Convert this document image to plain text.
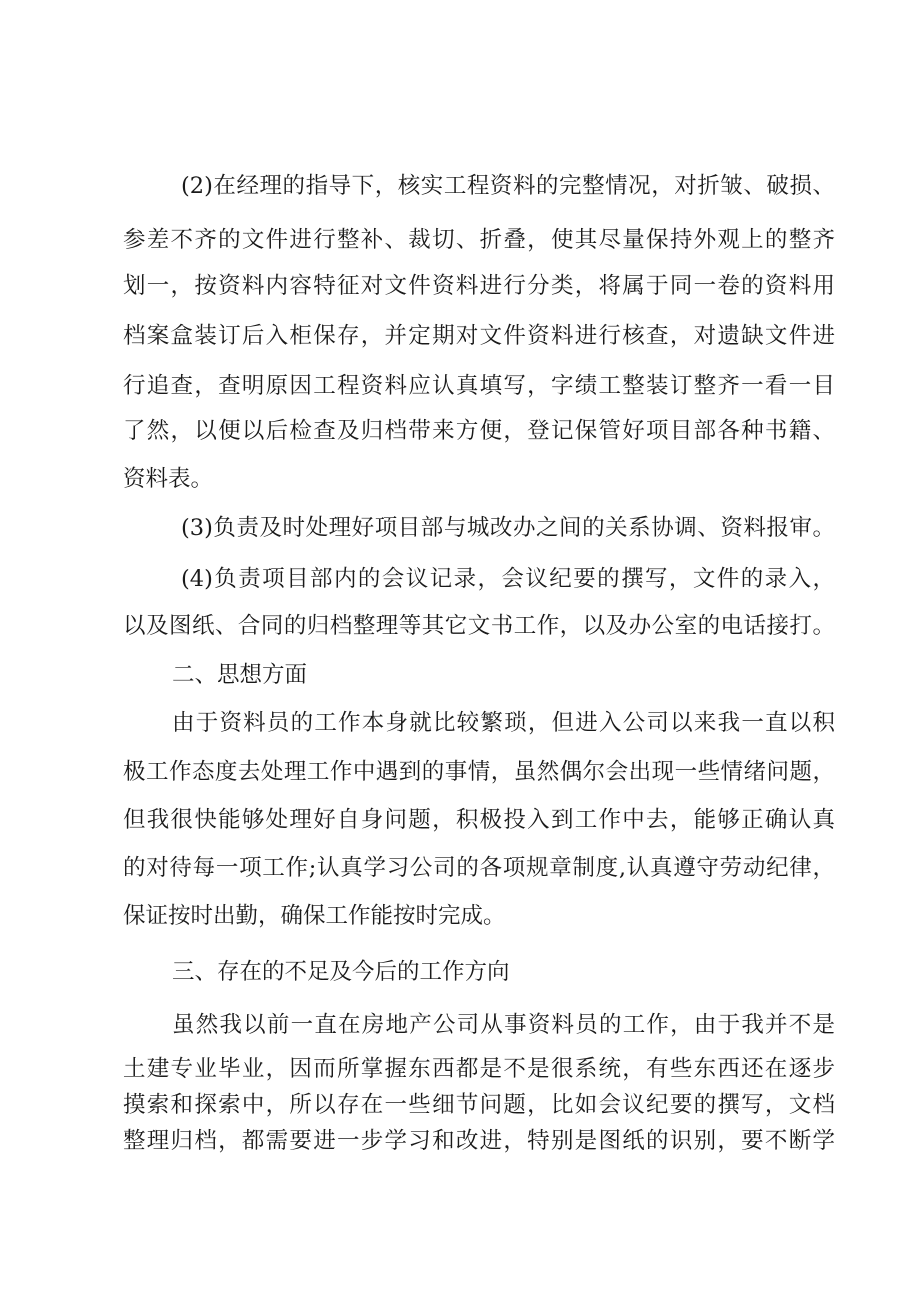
(2)在经理的指导下，核实工程资料的完整情况，对折皱、破损、
参差不齐的文件进行整补、裁切、折叠，使其尽量保持外观上的整齐
划一，按资料内容特征对文件资料进行分类，将属于同一卷的资料用
档案盒装订后入柜保存，并定期对文件资料进行核查，对遗缺文件进
行追查，查明原因工程资料应认真填写，字绩工整装订整齐一看一目
了然，以便以后检查及归档带来方便，登记保管好项目部各种书籍、
资料表。
(3)负责及时处理好项目部与城改办之间的关系协调、资料报审。
(4)负责项目部内的会议记录，会议纪要的撰写，文件的录入，
以及图纸、合同的归档整理等其它文书工作，以及办公室的电话接打。
二、思想方面
由于资料员的工作本身就比较繁琐，但进入公司以来我一直以积
极工作态度去处理工作中遇到的事情，虽然偶尔会出现一些情绪问题，
但我很快能够处理好自身问题，积极投入到工作中去，能够正确认真
的对待每一项工作;认真学习公司的各项规章制度,认真遵守劳动纪律，
保证按时出勤，确保工作能按时完成。
三、存在的不足及今后的工作方向
虽然我以前一直在房地产公司从事资料员的工作，由于我并不是
土建专业毕业，因而所掌握东西都是不是很系统，有些东西还在逐步
摸索和探索中，所以存在一些细节问题，比如会议纪要的撰写，文档
整理归档，都需要进一步学习和改进，特别是图纸的识别，要不断学
